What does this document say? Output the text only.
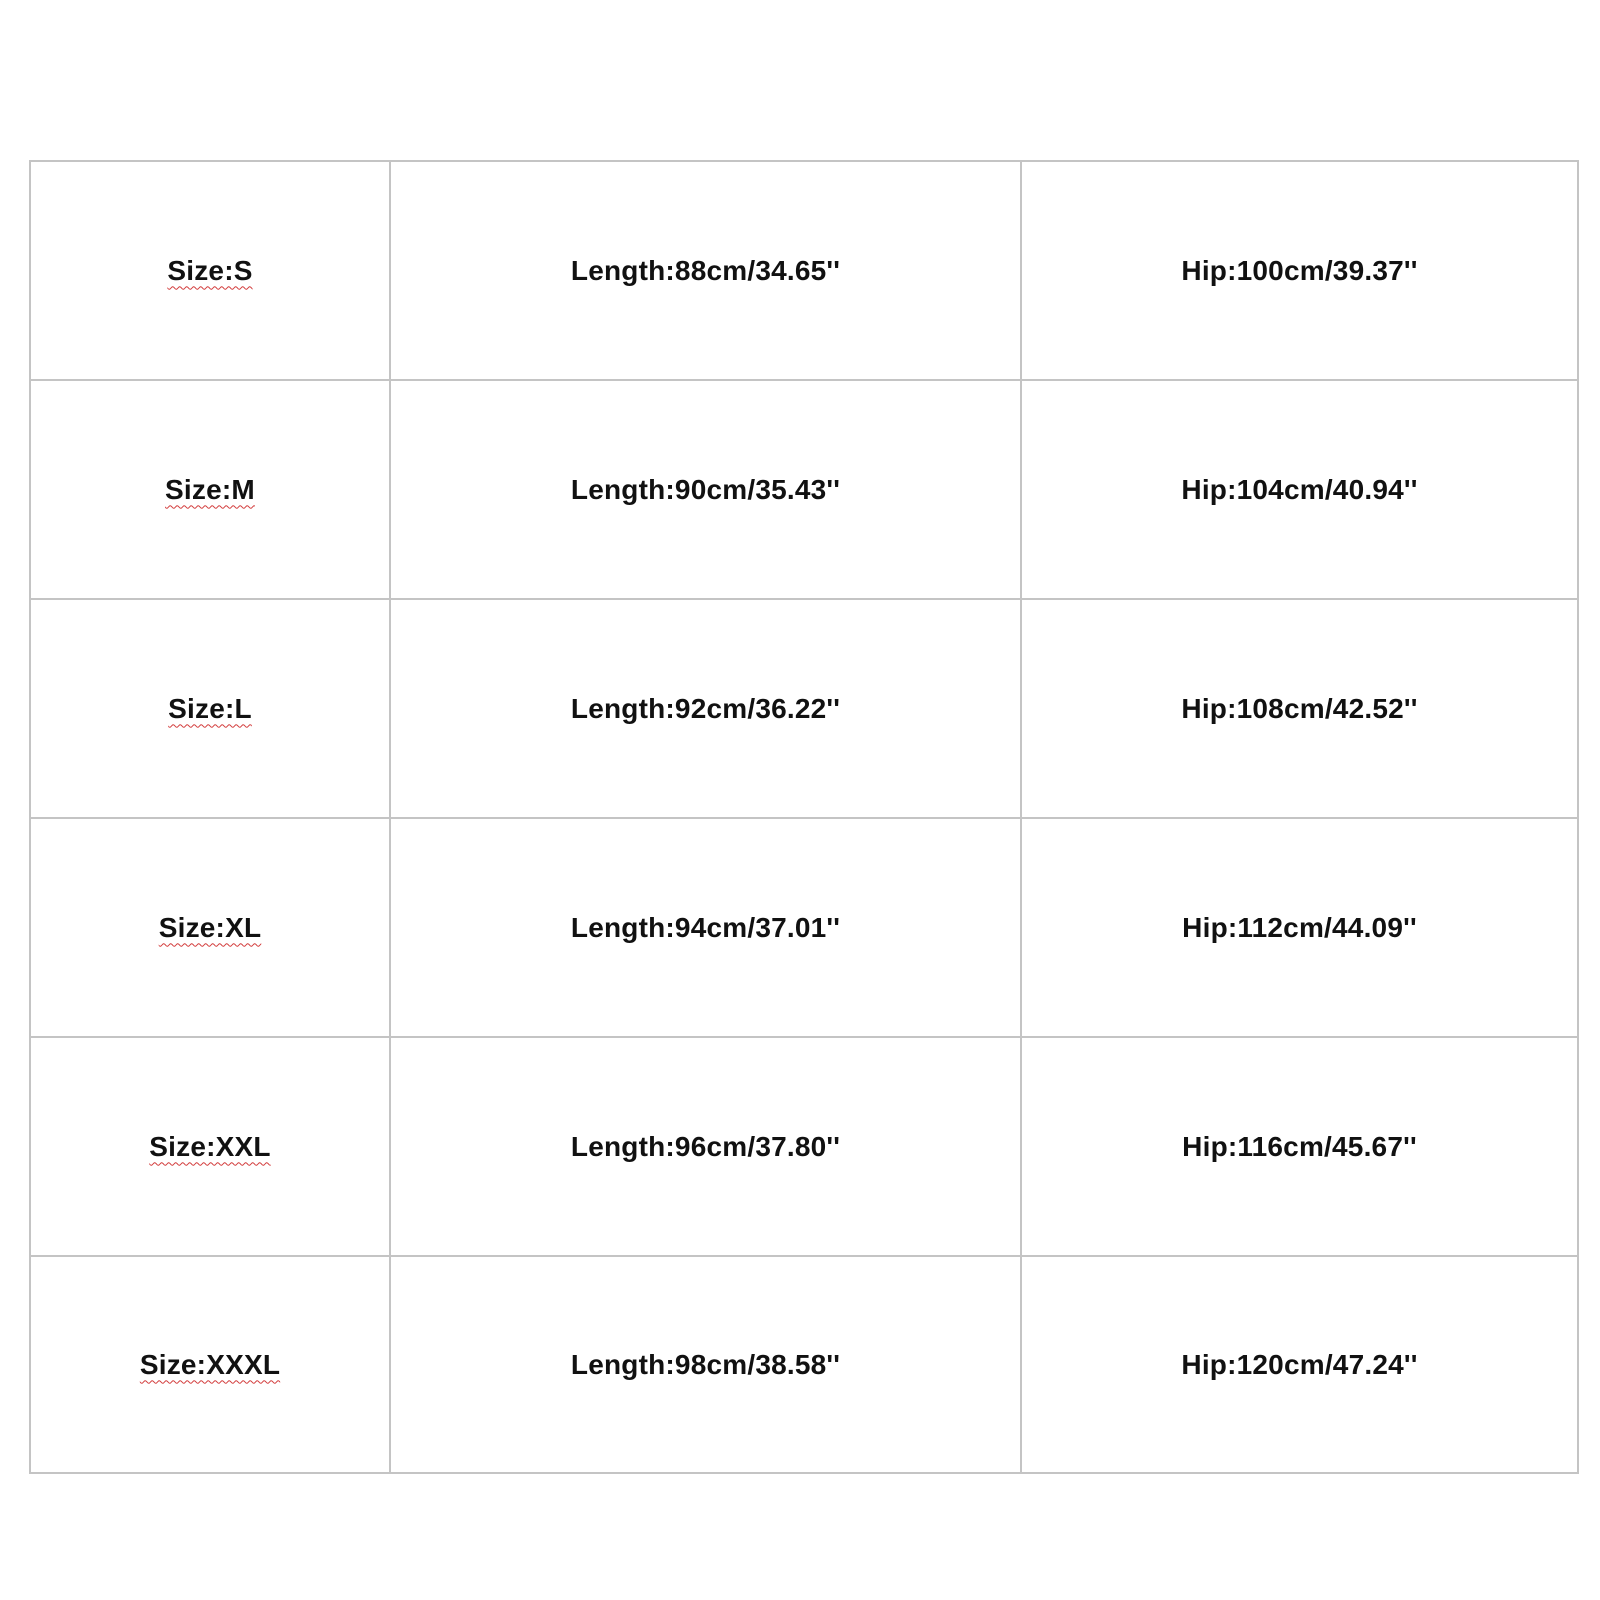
Size:S	Length:88cm/34.65''	Hip:100cm/39.37''
Size:M	Length:90cm/35.43''	Hip:104cm/40.94''
Size:L	Length:92cm/36.22''	Hip:108cm/42.52''
Size:XL	Length:94cm/37.01''	Hip:112cm/44.09''
Size:XXL	Length:96cm/37.80''	Hip:116cm/45.67''
Size:XXXL	Length:98cm/38.58''	Hip:120cm/47.24''
